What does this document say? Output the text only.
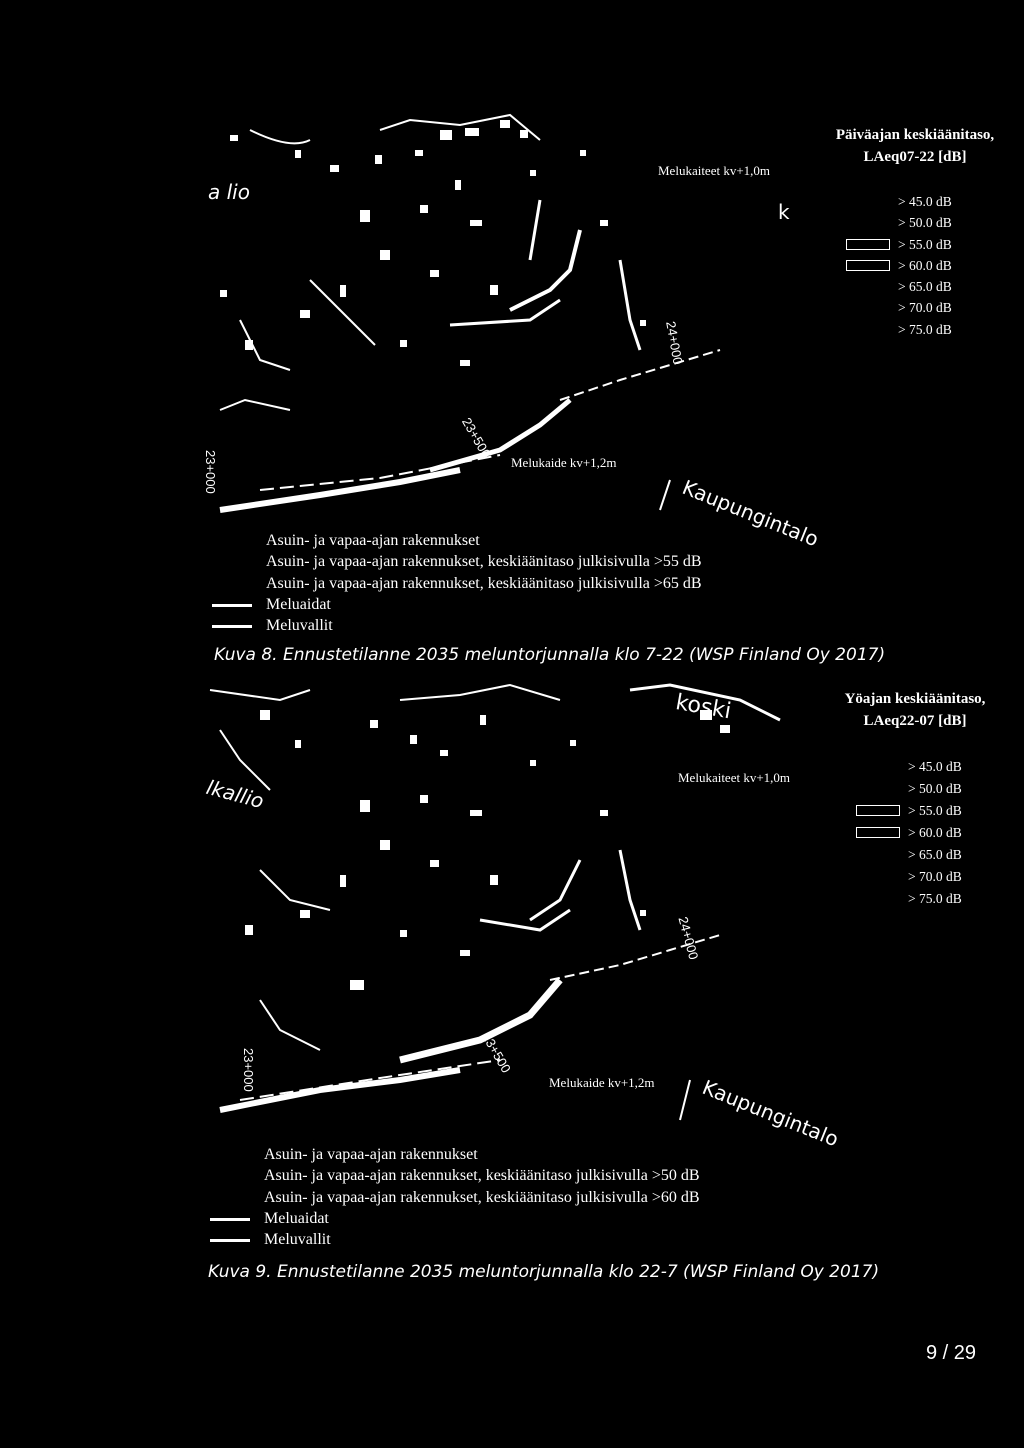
Melukaiteet kv+1,0m
Melukaide kv+1,2m
a lio
Kaupungintalo
k
23+000
23+500
24+000
Päiväajan keskiäänitaso,
LAeq07-22 [dB]
> 45.0 dB
> 50.0 dB
> 55.0 dB
> 60.0 dB
> 65.0 dB
> 70.0 dB
> 75.0 dB
Asuin- ja vapaa-ajan rakennukset
Asuin- ja vapaa-ajan rakennukset, keskiäänitaso julkisivulla >55 dB
Asuin- ja vapaa-ajan rakennukset, keskiäänitaso julkisivulla >65 dB
Meluaidat
Meluvallit
Kuva 8. Ennustetilanne 2035 meluntorjunnalla klo 7-22 (WSP Finland Oy 2017)
Melukaiteet kv+1,0m
Melukaide kv+1,2m
lkallio
Kaupungintalo
koski
23+000	23+500
24+000
Yöajan keskiäänitaso,
LAeq22-07 [dB]
> 45.0 dB
> 50.0 dB
> 55.0 dB
> 60.0 dB
> 65.0 dB
> 70.0 dB
> 75.0 dB
Asuin- ja vapaa-ajan rakennukset
Asuin- ja vapaa-ajan rakennukset, keskiäänitaso julkisivulla >50 dB
Asuin- ja vapaa-ajan rakennukset, keskiäänitaso julkisivulla >60 dB
Meluaidat
Meluvallit
Kuva 9. Ennustetilanne 2035 meluntorjunnalla klo 22-7 (WSP Finland Oy 2017)
9 / 29
